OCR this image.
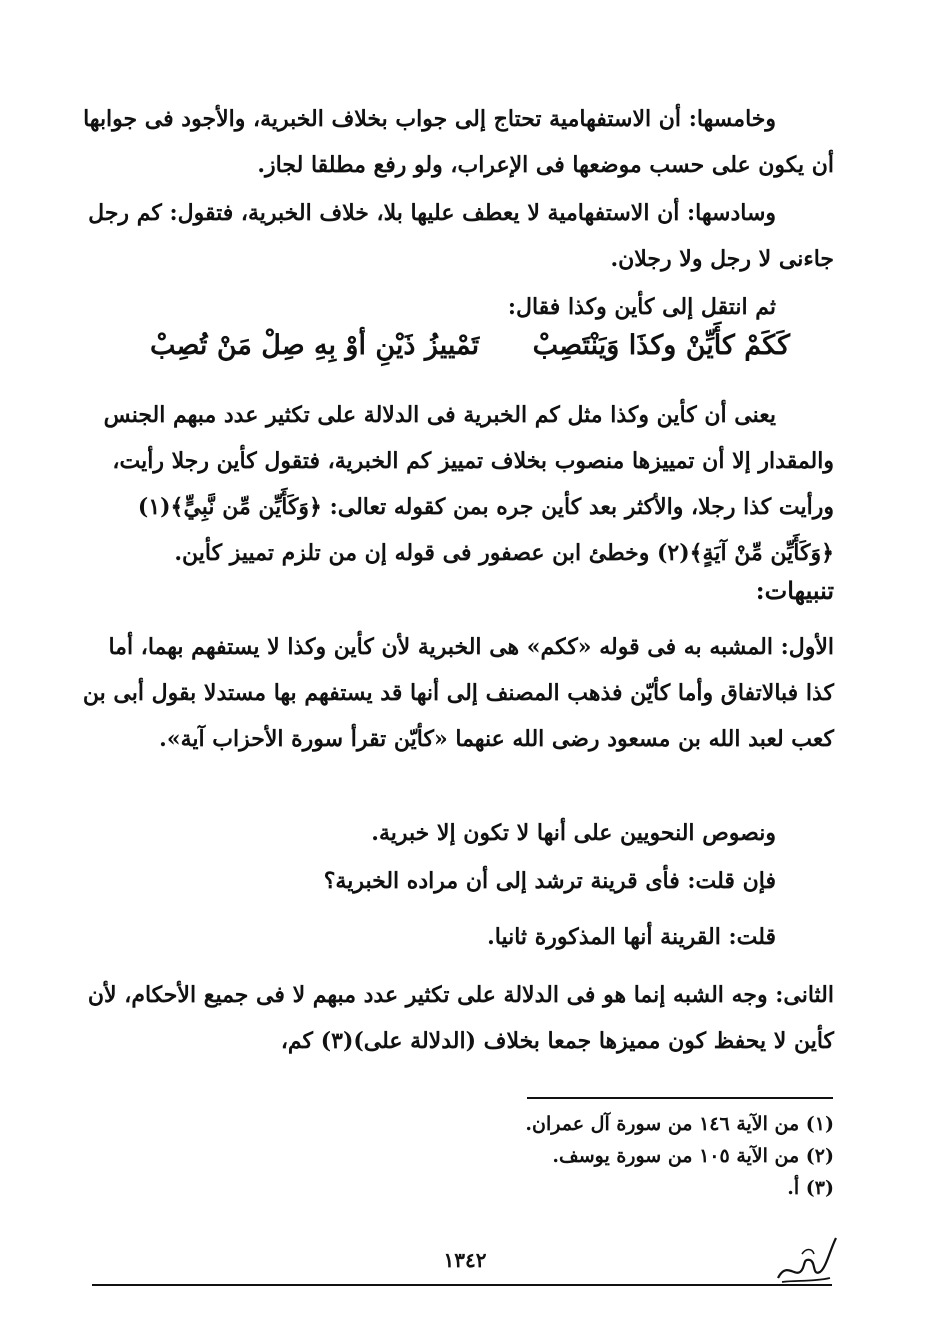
وخامسها: أن الاستفهامية تحتاج إلى جواب بخلاف الخبرية، والأجود فى جوابها أن يكون على حسب موضعها فى الإعراب، ولو رفع مطلقا لجاز.

وسادسها: أن الاستفهامية لا يعطف عليها بلا، خلاف الخبرية، فتقول: كم رجل جاءنى لا رجل ولا رجلان.

ثم انتقل إلى كأين وكذا فقال:

كَكَمْ كأَيِّنْ وكذَا وَيَنْتَصِبْ
تَمْييزُ ذَيْنِ أوْ بِهِ صِلْ مَنْ تُصِبْ

يعنى أن كأين وكذا مثل كم الخبرية فى الدلالة على تكثير عدد مبهم الجنس والمقدار إلا أن تمييزها منصوب بخلاف تمييز كم الخبرية، فتقول كأين رجلا رأيت، ورأيت كذا رجلا، والأكثر بعد كأين جره بمن كقوله تعالى: ﴿وَكَأَيِّن مِّن نَّبِيٍّ﴾(١) ﴿وَكَأَيِّن مِّنْ آيَةٍ﴾(٢) وخطئ ابن عصفور فى قوله إن من تلزم تمييز كأين.

تنبيهات:

الأول: المشبه به فى قوله «ككم» هى الخبرية لأن كأين وكذا لا يستفهم بهما، أما كذا فبالاتفاق وأما كأيّن فذهب المصنف إلى أنها قد يستفهم بها مستدلا بقول أبى بن كعب لعبد الله بن مسعود رضى الله عنهما «كأيّن تقرأ سورة الأحزاب آية».

ونصوص النحويين على أنها لا تكون إلا خبرية.

فإن قلت: فأى قرينة ترشد إلى أن مراده الخبرية؟

قلت: القرينة أنها المذكورة ثانيا.

الثانى: وجه الشبه إنما هو فى الدلالة على تكثير عدد مبهم لا فى جميع الأحكام، لأن كأين لا يحفظ كون مميزها جمعا بخلاف (الدلالة على)(٣) كم،

(١) من الآية ١٤٦ من سورة آل عمران.
(٢) من الآية ١٠٥ من سورة يوسف.
(٣) أ.
١٣٤٢
